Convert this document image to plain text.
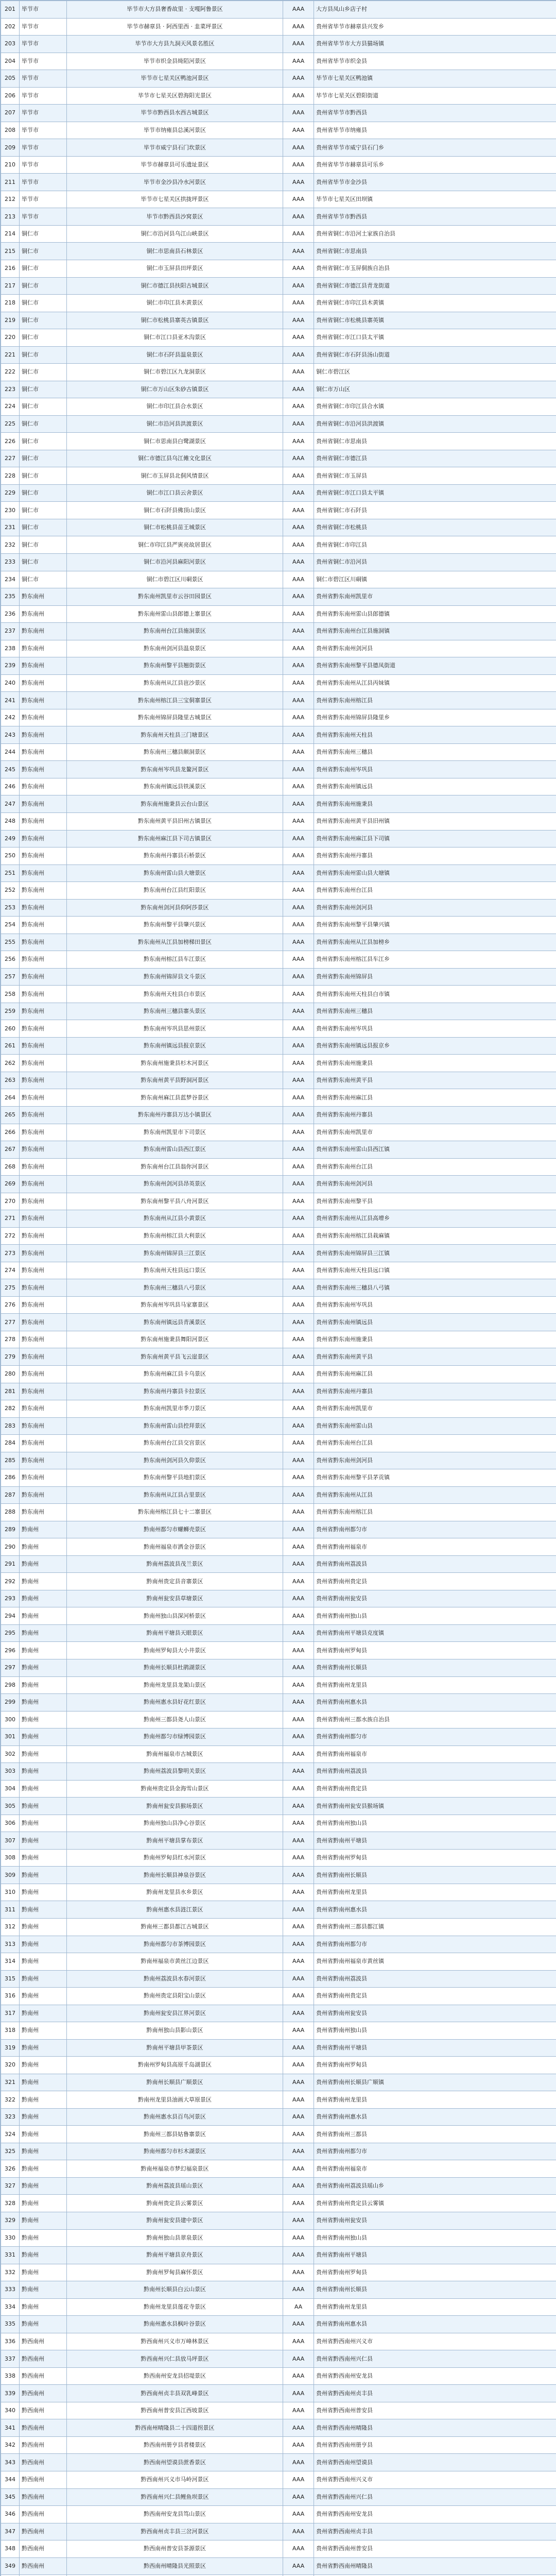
201	毕节市	毕节市大方县奢香故里 · 支嘎阿鲁景区	AAA	大方县凤山乡店子村
202	毕节市	毕节市赫章县 · 阿西里西 · 韭菜坪景区	AAA	贵州省毕节市赫章县兴发乡
203	毕节市	毕节市大方县九洞天风景名胜区	AAA	贵州省毕节市大方县猫场镇
204	毕节市	毕节市织金县绮陌河景区	AAA	贵州省毕节市织金县
205	毕节市	毕节市七星关区鸭池河景区	AAA	毕节市七星关区鸭池镇
206	毕节市	毕节市七星关区碧海阳光景区	AAA	毕节市七星关区碧阳街道
207	毕节市	毕节市黔西县水西古城景区	AAA	贵州省毕节市黔西县
208	毕节市	毕节市纳雍县总溪河景区	AAA	贵州省毕节市纳雍县
209	毕节市	毕节市威宁县石门坎景区	AAA	贵州省毕节市威宁县石门乡
210	毕节市	毕节市赫章县可乐遗址景区	AAA	贵州省毕节市赫章县可乐乡
211	毕节市	毕节市金沙县冷水河景区	AAA	贵州省毕节市金沙县
212	毕节市	毕节市七星关区拱拢坪景区	AAA	毕节市七星关区田坝镇
213	毕节市	毕节市黔西县沙窝景区	AAA	贵州省毕节市黔西县
214	铜仁市	铜仁市沿河县乌江山峡景区	AAA	贵州省铜仁市沿河土家族自治县
215	铜仁市	铜仁市思南县石林景区	AAA	贵州省铜仁市思南县
216	铜仁市	铜仁市玉屏县田坪景区	AAA	贵州省铜仁市玉屏侗族自治县
217	铜仁市	铜仁市德江县扶阳古城景区	AAA	贵州省铜仁市德江县青龙街道
218	铜仁市	铜仁市印江县木黄景区	AAA	贵州省铜仁市印江县木黄镇
219	铜仁市	铜仁市松桃县寨英古镇景区	AAA	贵州省铜仁市松桃县寨英镇
220	铜仁市	铜仁市江口县亚木沟景区	AAA	贵州省铜仁市江口县太平镇
221	铜仁市	铜仁市石阡县温泉景区	AAA	贵州省铜仁市石阡县汤山街道
222	铜仁市	铜仁市碧江区九龙洞景区	AAA	铜仁市碧江区
223	铜仁市	铜仁市万山区朱砂古镇景区	AAA	铜仁市万山区
224	铜仁市	铜仁市印江县合水景区	AAA	贵州省铜仁市印江县合水镇
225	铜仁市	铜仁市沿河县洪渡景区	AAA	贵州省铜仁市沿河县洪渡镇
226	铜仁市	铜仁市思南县白鹭湖景区	AAA	贵州省铜仁市思南县
227	铜仁市	铜仁市德江县乌江傩文化景区	AAA	贵州省铜仁市德江县
228	铜仁市	铜仁市玉屏县北侗风情景区	AAA	贵州省铜仁市玉屏县
229	铜仁市	铜仁市江口县云舍景区	AAA	贵州省铜仁市江口县太平镇
230	铜仁市	铜仁市石阡县佛顶山景区	AAA	贵州省铜仁市石阡县
231	铜仁市	铜仁市松桃县苗王城景区	AAA	贵州省铜仁市松桃县
232	铜仁市	铜仁市印江县严寅亮故居景区	AAA	贵州省铜仁市印江县
233	铜仁市	铜仁市沿河县麻阳河景区	AAA	贵州省铜仁市沿河县
234	铜仁市	铜仁市碧江区川硐景区	AAA	铜仁市碧江区川硐镇
235	黔东南州	黔东南州凯里市云谷田园景区	AAA	贵州省黔东南州凯里市
236	黔东南州	黔东南州雷山县郎德上寨景区	AAA	贵州省黔东南州雷山县郎德镇
237	黔东南州	黔东南州台江县施洞景区	AAA	贵州省黔东南州台江县施洞镇
238	黔东南州	黔东南州剑河县温泉景区	AAA	贵州省黔东南州剑河县
239	黔东南州	黔东南州黎平县翘街景区	AAA	贵州省黔东南州黎平县德凤街道
240	黔东南州	黔东南州从江县岜沙景区	AAA	贵州省黔东南州从江县丙妹镇
241	黔东南州	黔东南州榕江县三宝侗寨景区	AAA	贵州省黔东南州榕江县
242	黔东南州	黔东南州锦屏县隆里古城景区	AAA	贵州省黔东南州锦屏县隆里乡
243	黔东南州	黔东南州天柱县三门塘景区	AAA	贵州省黔东南州天柱县
244	黔东南州	黔东南州三穗县颇洞景区	AAA	贵州省黔东南州三穗县
245	黔东南州	黔东南州岑巩县龙鳌河景区	AAA	贵州省黔东南州岑巩县
246	黔东南州	黔东南州镇远县铁溪景区	AAA	贵州省黔东南州镇远县
247	黔东南州	黔东南州施秉县云台山景区	AAA	贵州省黔东南州施秉县
248	黔东南州	黔东南州黄平县旧州古镇景区	AAA	贵州省黔东南州黄平县旧州镇
249	黔东南州	黔东南州麻江县下司古镇景区	AAA	贵州省黔东南州麻江县下司镇
250	黔东南州	黔东南州丹寨县石桥景区	AAA	贵州省黔东南州丹寨县
251	黔东南州	黔东南州雷山县大塘景区	AAA	贵州省黔东南州雷山县大塘镇
252	黔东南州	黔东南州台江县红阳景区	AAA	贵州省黔东南州台江县
253	黔东南州	黔东南州剑河县仰阿莎景区	AAA	贵州省黔东南州剑河县
254	黔东南州	黔东南州黎平县肇兴景区	AAA	贵州省黔东南州黎平县肇兴镇
255	黔东南州	黔东南州从江县加榜梯田景区	AAA	贵州省黔东南州从江县加榜乡
256	黔东南州	黔东南州榕江县车江景区	AAA	贵州省黔东南州榕江县车江乡
257	黔东南州	黔东南州锦屏县文斗景区	AAA	贵州省黔东南州锦屏县
258	黔东南州	黔东南州天柱县白市景区	AAA	贵州省黔东南州天柱县白市镇
259	黔东南州	黔东南州三穗县寨头景区	AAA	贵州省黔东南州三穗县
260	黔东南州	黔东南州岑巩县思州景区	AAA	贵州省黔东南州岑巩县
261	黔东南州	黔东南州镇远县报京景区	AAA	贵州省黔东南州镇远县报京乡
262	黔东南州	黔东南州施秉县杉木河景区	AAA	贵州省黔东南州施秉县
263	黔东南州	黔东南州黄平县野洞河景区	AAA	贵州省黔东南州黄平县
264	黔东南州	黔东南州麻江县蓝梦谷景区	AAA	贵州省黔东南州麻江县
265	黔东南州	黔东南州丹寨县万达小镇景区	AAA	贵州省黔东南州丹寨县
266	黔东南州	黔东南州凯里市下司景区	AAA	贵州省黔东南州凯里市
267	黔东南州	黔东南州雷山县西江景区	AAA	贵州省黔东南州雷山县西江镇
268	黔东南州	黔东南州台江县翁你河景区	AAA	贵州省黔东南州台江县
269	黔东南州	黔东南州剑河县昂英景区	AAA	贵州省黔东南州剑河县
270	黔东南州	黔东南州黎平县八舟河景区	AAA	贵州省黔东南州黎平县
271	黔东南州	黔东南州从江县小黄景区	AAA	贵州省黔东南州从江县高增乡
272	黔东南州	黔东南州榕江县大利景区	AAA	贵州省黔东南州榕江县栽麻镇
273	黔东南州	黔东南州锦屏县三江景区	AAA	贵州省黔东南州锦屏县三江镇
274	黔东南州	黔东南州天柱县远口景区	AAA	贵州省黔东南州天柱县远口镇
275	黔东南州	黔东南州三穗县八弓景区	AAA	贵州省黔东南州三穗县八弓镇
276	黔东南州	黔东南州岑巩县马家寨景区	AAA	贵州省黔东南州岑巩县
277	黔东南州	黔东南州镇远县青溪景区	AAA	贵州省黔东南州镇远县
278	黔东南州	黔东南州施秉县舞阳河景区	AAA	贵州省黔东南州施秉县
279	黔东南州	黔东南州黄平县飞云崖景区	AAA	贵州省黔东南州黄平县
280	黔东南州	黔东南州麻江县卡乌景区	AAA	贵州省黔东南州麻江县
281	黔东南州	黔东南州丹寨县卡拉景区	AAA	贵州省黔东南州丹寨县
282	黔东南州	黔东南州凯里市季刀景区	AAA	贵州省黔东南州凯里市
283	黔东南州	黔东南州雷山县控拜景区	AAA	贵州省黔东南州雷山县
284	黔东南州	黔东南州台江县交宫景区	AAA	贵州省黔东南州台江县
285	黔东南州	黔东南州剑河县久仰景区	AAA	贵州省黔东南州剑河县
286	黔东南州	黔东南州黎平县地扪景区	AAA	贵州省黔东南州黎平县茅贡镇
287	黔东南州	黔东南州从江县占里景区	AAA	贵州省黔东南州从江县
288	黔东南州	黔东南州榕江县七十二寨景区	AAA	贵州省黔东南州榕江县
289	黔南州	黔南州都匀市螺蛳壳景区	AAA	贵州省黔南州都匀市
290	黔南州	黔南州福泉市洒金谷景区	AAA	贵州省黔南州福泉市
291	黔南州	黔南州荔波县茂兰景区	AAA	贵州省黔南州荔波县
292	黔南州	黔南州贵定县音寨景区	AAA	贵州省黔南州贵定县
293	黔南州	黔南州瓮安县草塘景区	AAA	贵州省黔南州瓮安县
294	黔南州	黔南州独山县深河桥景区	AAA	贵州省黔南州独山县
295	黔南州	黔南州平塘县天眼景区	AAA	贵州省黔南州平塘县克度镇
296	黔南州	黔南州罗甸县大小井景区	AAA	贵州省黔南州罗甸县
297	黔南州	黔南州长顺县杜鹃湖景区	AAA	贵州省黔南州长顺县
298	黔南州	黔南州龙里县龙架山景区	AAA	贵州省黔南州龙里县
299	黔南州	黔南州惠水县好花红景区	AAA	贵州省黔南州惠水县
300	黔南州	黔南州三都县尧人山景区	AAA	贵州省黔南州三都水族自治县
301	黔南州	黔南州都匀市绿博园景区	AAA	贵州省黔南州都匀市
302	黔南州	黔南州福泉市古城景区	AAA	贵州省黔南州福泉市
303	黔南州	黔南州荔波县黎明关景区	AAA	贵州省黔南州荔波县
304	黔南州	黔南州贵定县金海雪山景区	AAA	贵州省黔南州贵定县
305	黔南州	黔南州瓮安县猴场景区	AAA	贵州省黔南州瓮安县猴场镇
306	黔南州	黔南州独山县净心谷景区	AAA	贵州省黔南州独山县
307	黔南州	黔南州平塘县掌布景区	AAA	贵州省黔南州平塘县
308	黔南州	黔南州罗甸县红水河景区	AAA	贵州省黔南州罗甸县
309	黔南州	黔南州长顺县神泉谷景区	AAA	贵州省黔南州长顺县
310	黔南州	黔南州龙里县水乡景区	AAA	贵州省黔南州龙里县
311	黔南州	黔南州惠水县涟江景区	AAA	贵州省黔南州惠水县
312	黔南州	黔南州三都县都江古城景区	AAA	贵州省黔南州三都县都江镇
313	黔南州	黔南州都匀市茶博园景区	AAA	贵州省黔南州都匀市
314	黔南州	黔南州福泉市黄丝江边景区	AAA	贵州省黔南州福泉市黄丝镇
315	黔南州	黔南州荔波县水春河景区	AAA	贵州省黔南州荔波县
316	黔南州	黔南州贵定县阳宝山景区	AAA	贵州省黔南州贵定县
317	黔南州	黔南州瓮安县江界河景区	AAA	贵州省黔南州瓮安县
318	黔南州	黔南州独山县影山景区	AAA	贵州省黔南州独山县
319	黔南州	黔南州平塘县甲茶景区	AAA	贵州省黔南州平塘县
320	黔南州	黔南州罗甸县高原千岛湖景区	AAA	贵州省黔南州罗甸县
321	黔南州	黔南州长顺县广顺景区	AAA	贵州省黔南州长顺县广顺镇
322	黔南州	黔南州龙里县油画大草原景区	AAA	贵州省黔南州龙里县
323	黔南州	黔南州惠水县百鸟河景区	AAA	贵州省黔南州惠水县
324	黔南州	黔南州三都县姑鲁寨景区	AAA	贵州省黔南州三都县
325	黔南州	黔南州都匀市杉木湖景区	AAA	贵州省黔南州都匀市
326	黔南州	黔南州福泉市梦幻福泉景区	AAA	贵州省黔南州福泉市
327	黔南州	黔南州荔波县瑶山景区	AAA	贵州省黔南州荔波县瑶山乡
328	黔南州	黔南州贵定县云雾景区	AAA	贵州省黔南州贵定县云雾镇
329	黔南州	黔南州瓮安县建中景区	AAA	贵州省黔南州瓮安县
330	黔南州	黔南州独山县翠泉景区	AAA	贵州省黔南州独山县
331	黔南州	黔南州平塘县京舟景区	AAA	贵州省黔南州平塘县
332	黔南州	黔南州罗甸县麻怀景区	AAA	贵州省黔南州罗甸县
333	黔南州	黔南州长顺县白云山景区	AAA	贵州省黔南州长顺县
334	黔南州	黔南州龙里县莲花寺景区	AA	贵州省黔南州龙里县
335	黔南州	黔南州惠水县枫叶谷景区	AAA	贵州省黔南州惠水县
336	黔西南州	黔西南州兴义市万峰林景区	AAA	贵州省黔西南州兴义市
337	黔西南州	黔西南州兴仁县放马坪景区	AAA	贵州省黔西南州兴仁县
338	黔西南州	黔西南州安龙县招堤景区	AAA	贵州省黔西南州安龙县
339	黔西南州	黔西南州贞丰县双乳峰景区	AAA	贵州省黔西南州贞丰县
340	黔西南州	黔西南州普安县江西坡景区	AAA	贵州省黔西南州普安县
341	黔西南州	黔西南州晴隆县二十四道拐景区	AAA	贵州省黔西南州晴隆县
342	黔西南州	黔西南州册亨县者楼景区	AAA	贵州省黔西南州册亨县
343	黔西南州	黔西南州望谟县蔗香景区	AAA	贵州省黔西南州望谟县
344	黔西南州	黔西南州兴义市马岭河景区	AAA	贵州省黔西南州兴义市
345	黔西南州	黔西南州兴仁县鲤鱼坝景区	AAA	贵州省黔西南州兴仁县
346	黔西南州	黔西南州安龙县笃山景区	AAA	贵州省黔西南州安龙县
347	黔西南州	黔西南州贞丰县三岔河景区	AAA	贵州省黔西南州贞丰县
348	黔西南州	黔西南州普安县茶源景区	AAA	贵州省黔西南州普安县
349	黔西南州	黔西南州晴隆县光照景区	AAA	贵州省黔西南州晴隆县
